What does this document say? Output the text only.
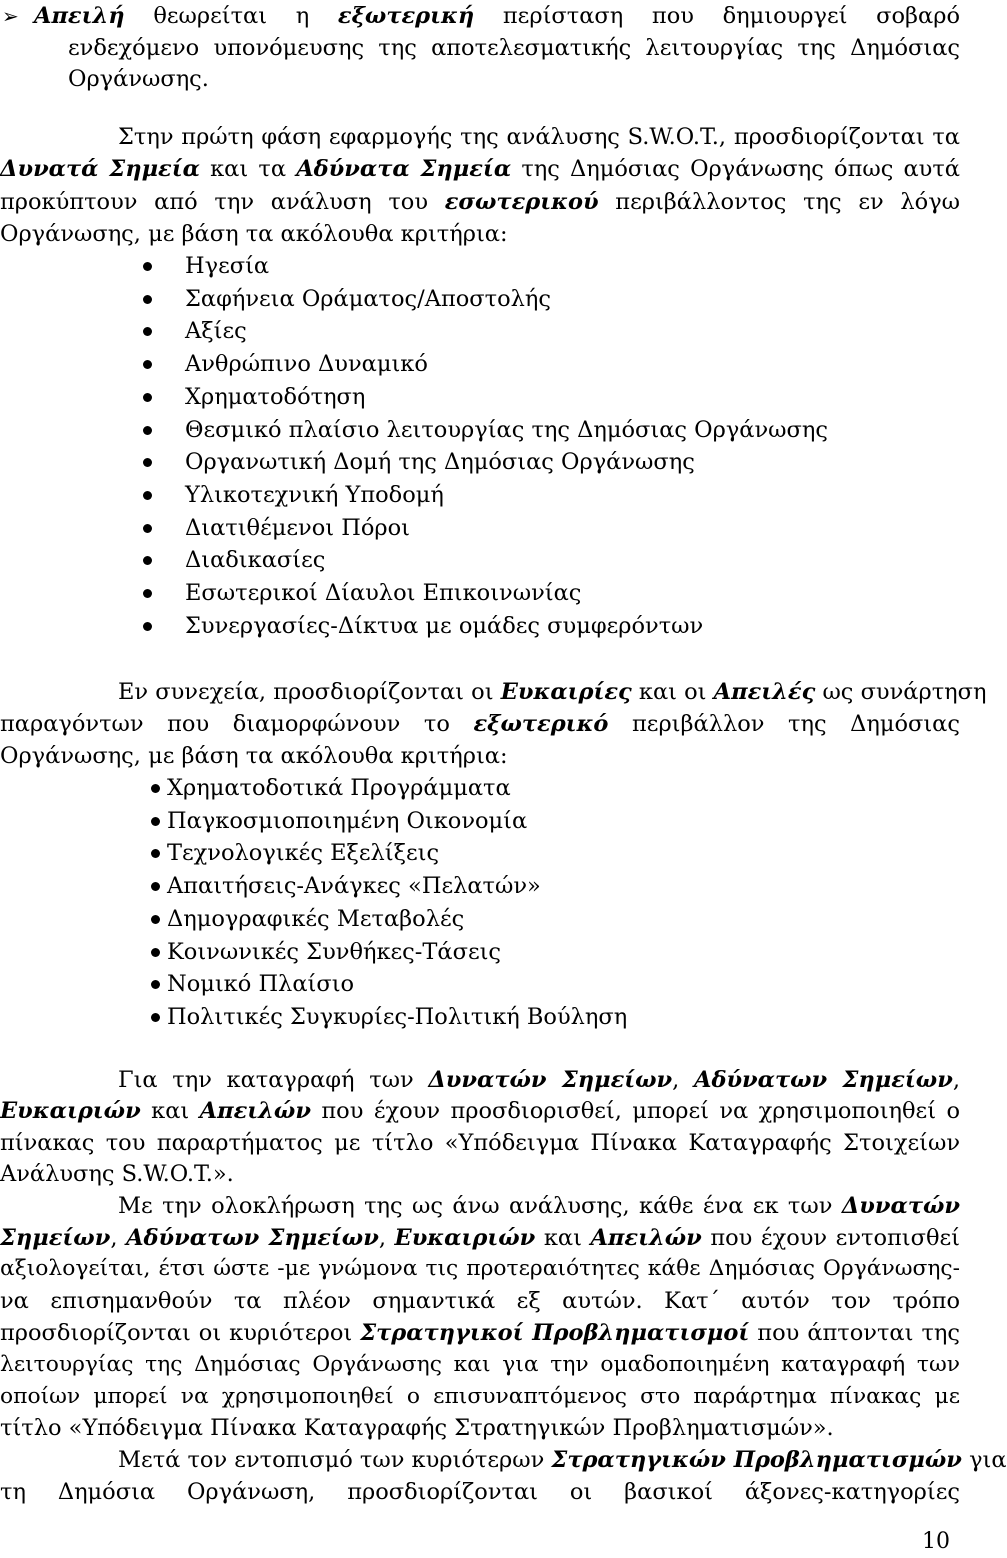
➢ Απειλή θεωρείται η εξωτερική περίσταση που δημιουργεί σοβαρό
ενδεχόμενο υπονόμευσης της αποτελεσματικής λειτουργίας της Δημόσιας
Οργάνωσης.
Στην πρώτη φάση εφαρμογής της ανάλυσης S.W.O.T., προσδιορίζονται τα
Δυνατά Σημεία και τα Αδύνατα Σημεία της Δημόσιας Οργάνωσης όπως αυτά
προκύπτουν από την ανάλυση του εσωτερικού περιβάλλοντος της εν λόγω
Οργάνωσης, με βάση τα ακόλουθα κριτήρια:
Ηγεσία
Σαφήνεια Οράματος/Αποστολής
Αξίες
Ανθρώπινο Δυναμικό
Χρηματοδότηση
Θεσμικό πλαίσιο λειτουργίας της Δημόσιας Οργάνωσης
Οργανωτική Δομή της Δημόσιας Οργάνωσης
Υλικοτεχνική Υποδομή
Διατιθέμενοι Πόροι
Διαδικασίες
Εσωτερικοί Δίαυλοι Επικοινωνίας
Συνεργασίες-Δίκτυα με ομάδες συμφερόντων
Εν συνεχεία, προσδιορίζονται οι Ευκαιρίες και οι Απειλές ως συνάρτηση
παραγόντων που διαμορφώνουν το εξωτερικό περιβάλλον της Δημόσιας
Οργάνωσης, με βάση τα ακόλουθα κριτήρια:
Χρηματοδοτικά Προγράμματα
Παγκοσμιοποιημένη Οικονομία
Τεχνολογικές Εξελίξεις
Απαιτήσεις-Ανάγκες «Πελατών»
Δημογραφικές Μεταβολές
Κοινωνικές Συνθήκες-Τάσεις
Νομικό Πλαίσιο
Πολιτικές Συγκυρίες-Πολιτική Βούληση
Για την καταγραφή των Δυνατών Σημείων, Αδύνατων Σημείων,
Ευκαιριών και Απειλών που έχουν προσδιορισθεί, μπορεί να χρησιμοποιηθεί ο
πίνακας του παραρτήματος με τίτλο «Υπόδειγμα Πίνακα Καταγραφής Στοιχείων
Ανάλυσης S.W.O.T.».
Με την ολοκλήρωση της ως άνω ανάλυσης, κάθε ένα εκ των Δυνατών
Σημείων, Αδύνατων Σημείων, Ευκαιριών και Απειλών που έχουν εντοπισθεί
αξιολογείται, έτσι ώστε -με γνώμονα τις προτεραιότητες κάθε Δημόσιας Οργάνωσης-
να επισημανθούν τα πλέον σημαντικά εξ αυτών. Κατ΄ αυτόν τον τρόπο
προσδιορίζονται οι κυριότεροι Στρατηγικοί Προβληματισμοί που άπτονται της
λειτουργίας της Δημόσιας Οργάνωσης και για την ομαδοποιημένη καταγραφή των
οποίων μπορεί να χρησιμοποιηθεί ο επισυναπτόμενος στο παράρτημα πίνακας με
τίτλο «Υπόδειγμα Πίνακα Καταγραφής Στρατηγικών Προβληματισμών».
Μετά τον εντοπισμό των κυριότερων Στρατηγικών Προβληματισμών για
τη Δημόσια Οργάνωση, προσδιορίζονται οι βασικοί άξονες-κατηγορίες
10
